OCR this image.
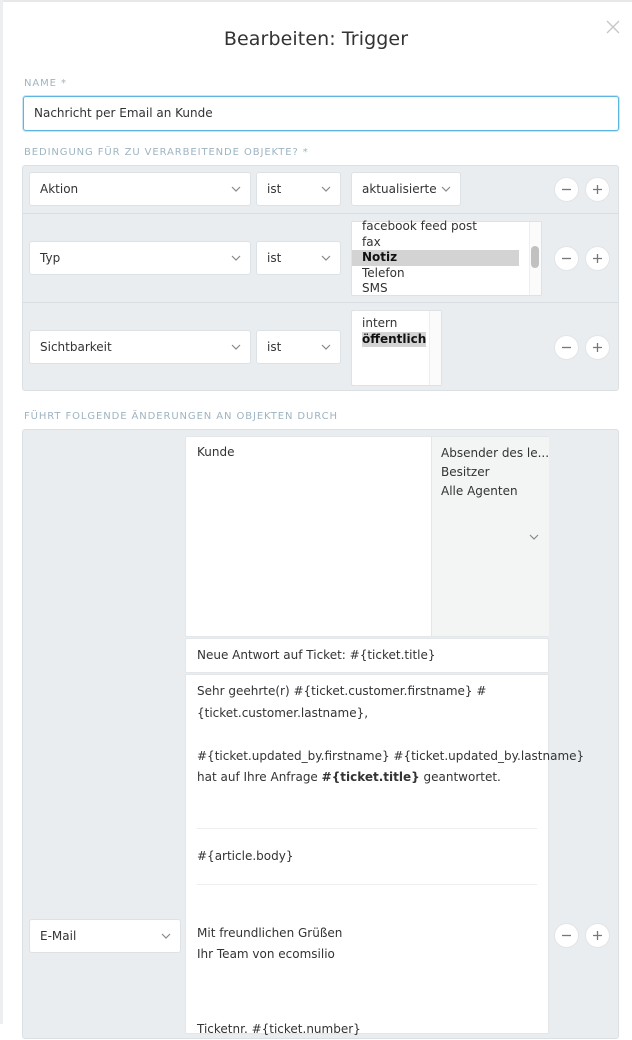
Bearbeiten: Trigger
NAME *
Nachricht per Email an Kunde
BEDINGUNG FÜR ZU VERARBEITENDE OBJEKTE? *
Aktion	ist	aktualisierte
Typ	ist
facebook feed post
fax
Notiz
Telefon
SMS
Sichtbarkeit	ist
intern
öffentlich
FÜHRT FOLGENDE ÄNDERUNGEN AN OBJEKTEN DURCH
E-Mail
Kunde	Absender des le...
Besitzer
Alle Agenten
Neue Antwort auf Ticket: #{ticket.title}
Sehr geehrte(r) #{ticket.customer.firstname} #
{ticket.customer.lastname},
#{ticket.updated_by.firstname} #{ticket.updated_by.lastname}
hat auf Ihre Anfrage #{ticket.title} geantwortet.
#{article.body}
Mit freundlichen Grüßen
Ihr Team von ecomsilio
Ticketnr. #{ticket.number}
